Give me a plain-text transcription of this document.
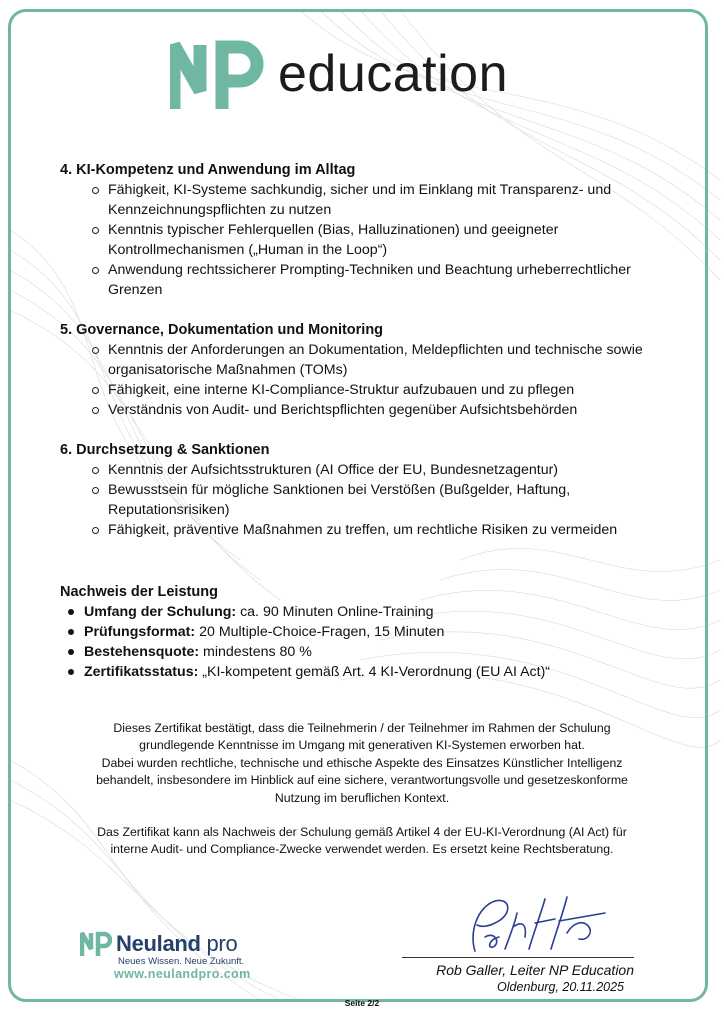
education
4. KI-Kompetenz und Anwendung im Alltag
Fähigkeit, KI-Systeme sachkundig, sicher und im Einklang mit Transparenz- und Kennzeichnungspflichten zu nutzen
Kenntnis typischer Fehlerquellen (Bias, Halluzinationen) und geeigneter Kontrollmechanismen („Human in the Loop“)
Anwendung rechtssicherer Prompting-Techniken und Beachtung urheberrechtlicher Grenzen
5. Governance, Dokumentation und Monitoring
Kenntnis der Anforderungen an Dokumentation, Meldepflichten und technische sowie organisatorische Maßnahmen (TOMs)
Fähigkeit, eine interne KI-Compliance-Struktur aufzubauen und zu pflegen
Verständnis von Audit- und Berichtspflichten gegenüber Aufsichtsbehörden
6. Durchsetzung & Sanktionen
Kenntnis der Aufsichtsstrukturen (AI Office der EU, Bundesnetzagentur)
Bewusstsein für mögliche Sanktionen bei Verstößen (Bußgelder, Haftung, Reputationsrisiken)
Fähigkeit, präventive Maßnahmen zu treffen, um rechtliche Risiken zu vermeiden
Nachweis der Leistung
Umfang der Schulung: ca. 90 Minuten Online-Training
Prüfungsformat: 20 Multiple-Choice-Fragen, 15 Minuten
Bestehensquote: mindestens 80 %
Zertifikatsstatus: „KI-kompetent gemäß Art. 4 KI-Verordnung (EU AI Act)“
Dieses Zertifikat bestätigt, dass die Teilnehmerin / der Teilnehmer im Rahmen der Schulung
grundlegende Kenntnisse im Umgang mit generativen KI-Systemen erworben hat.
Dabei wurden rechtliche, technische und ethische Aspekte des Einsatzes Künstlicher Intelligenz
behandelt, insbesondere im Hinblick auf eine sichere, verantwortungsvolle und gesetzeskonforme
Nutzung im beruflichen Kontext.
Das Zertifikat kann als Nachweis der Schulung gemäß Artikel 4 der EU-KI-Verordnung (AI Act) für
interne Audit- und Compliance-Zwecke verwendet werden. Es ersetzt keine Rechtsberatung.
Neuland pro
Neues Wissen. Neue Zukunft.
www.neulandpro.com	Rob Galler, Leiter NP Education
Oldenburg, 20.11.2025
Seite 2/2
